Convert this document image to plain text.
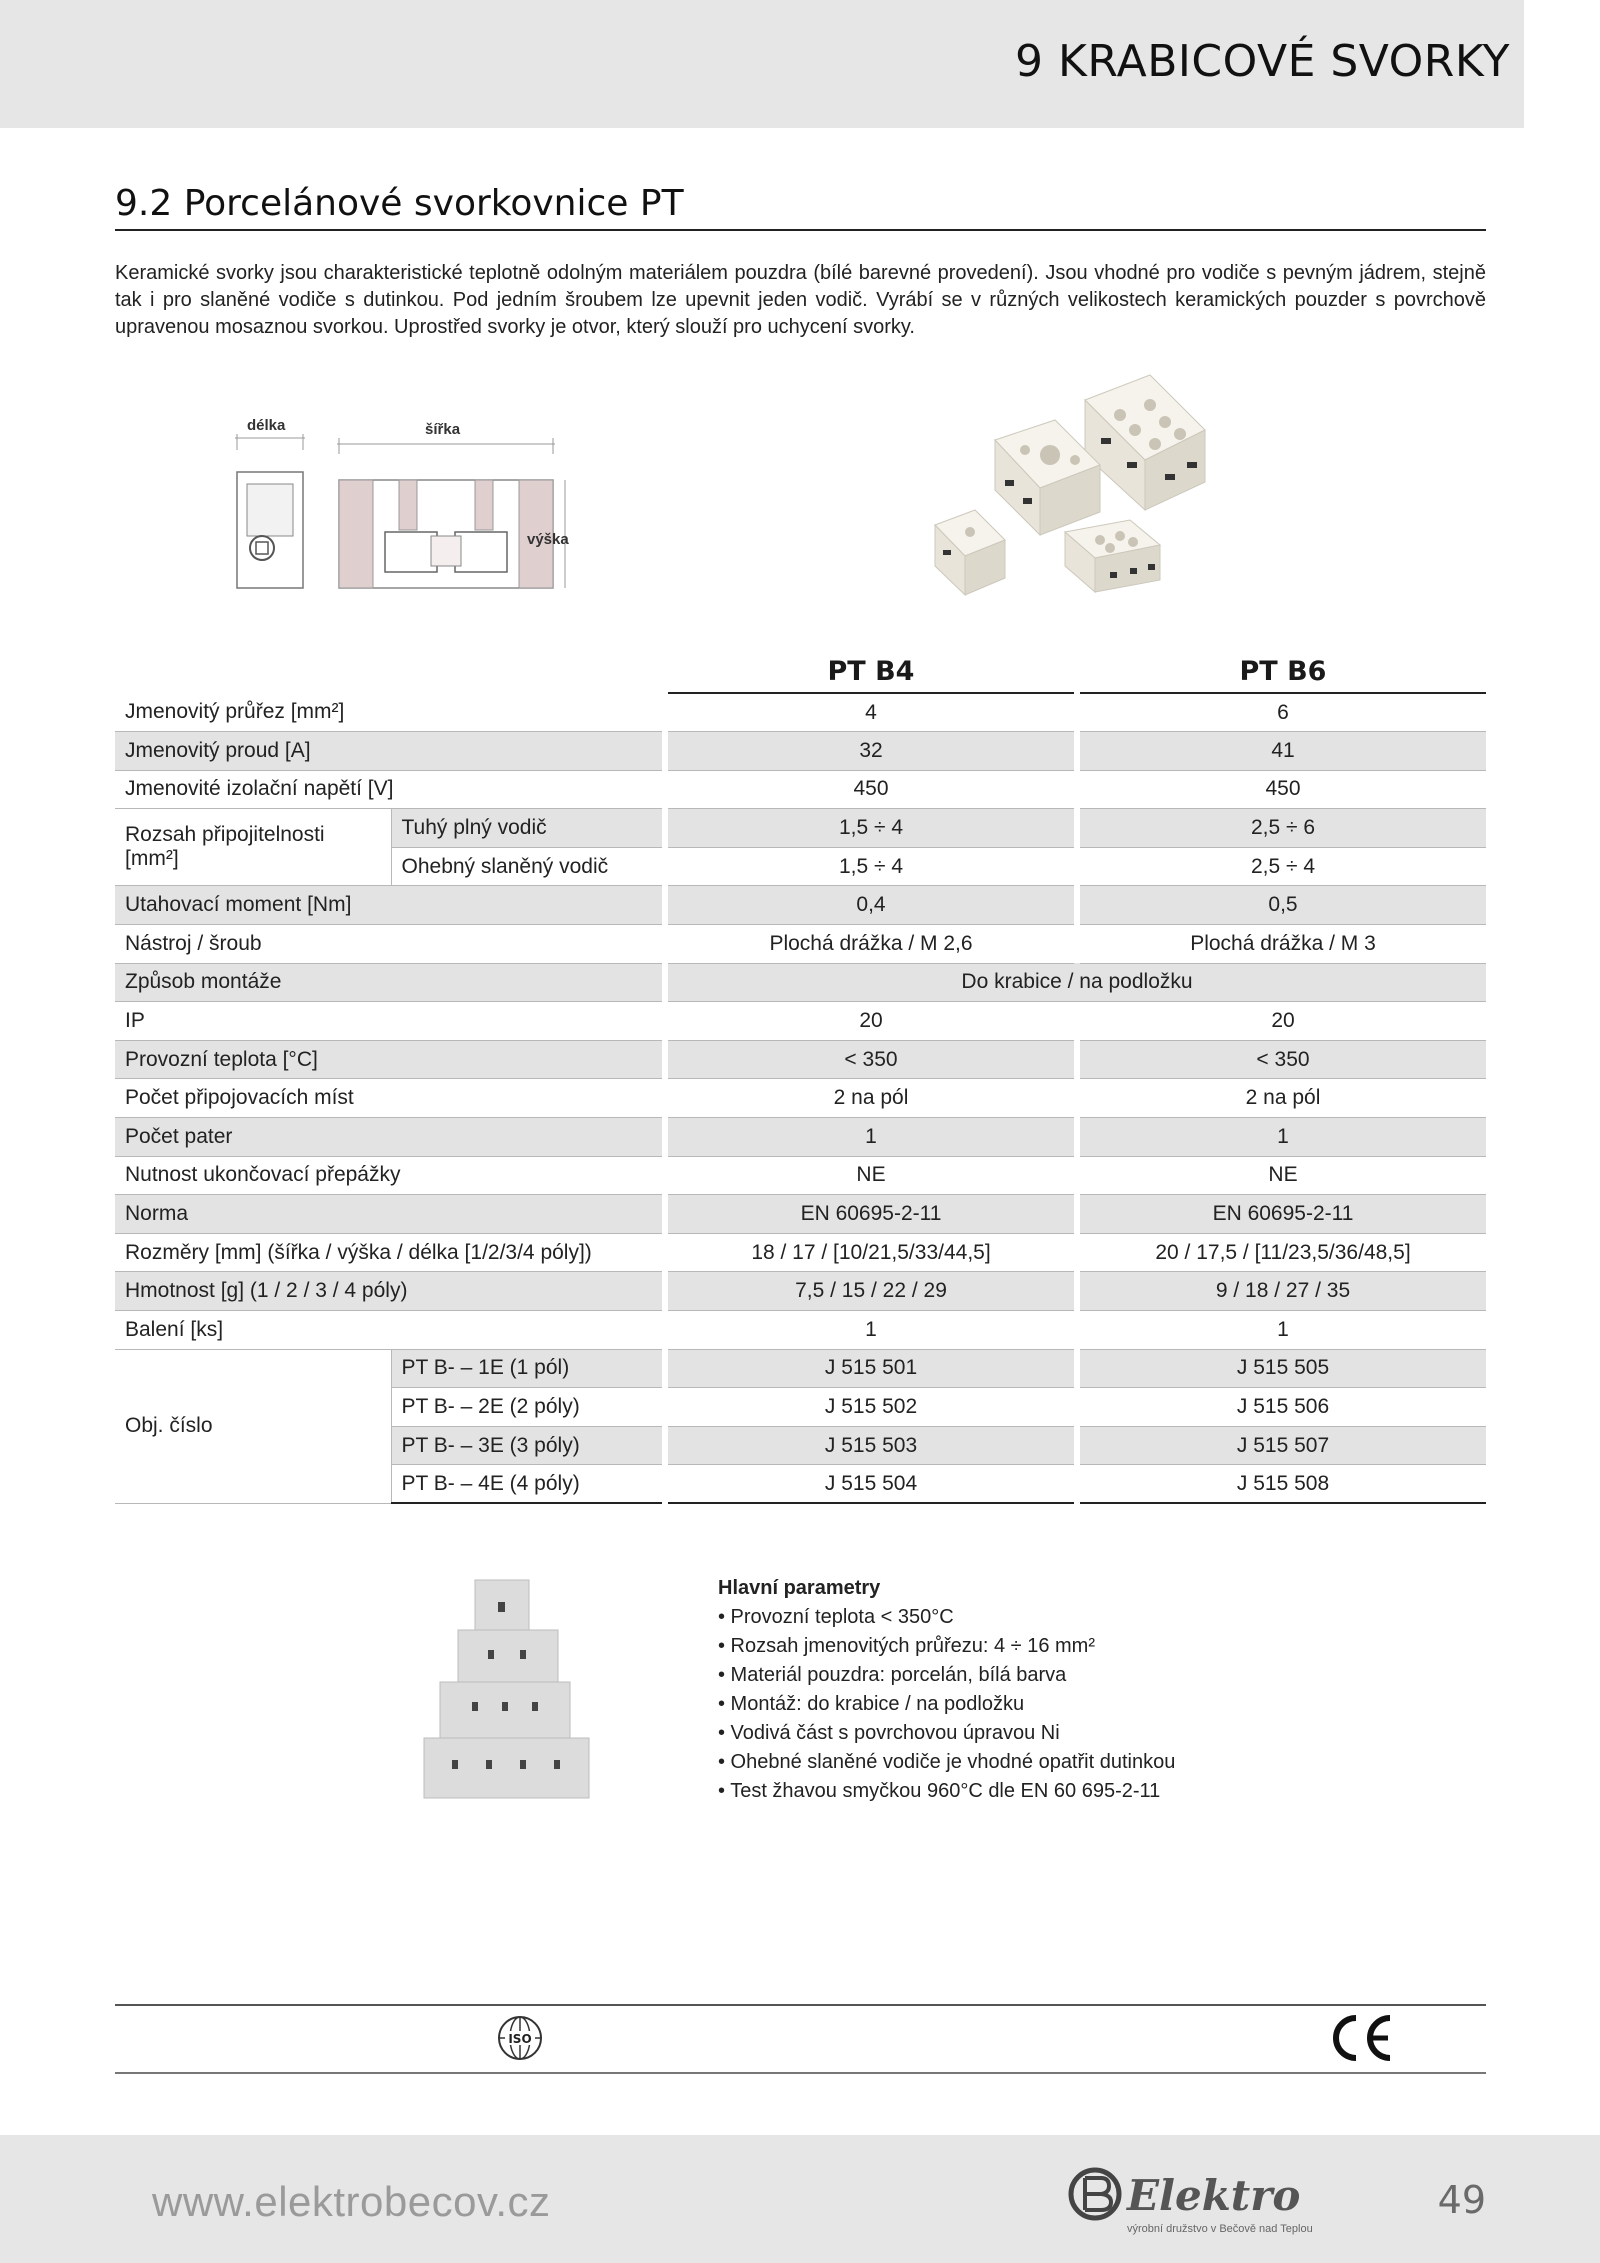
9 KRABICOVÉ SVORKY
9.2 Porcelánové svorkovnice PT
Keramické svorky jsou charakteristické teplotně odolným materiálem pouzdra (bílé barevné provedení). Jsou vhodné pro vodiče s pevným jádrem, stejně tak i pro slaněné vodiče s dutinkou. Pod jedním šroubem lze upevnit jeden vodič. Vyrábí se v různých velikostech keramických pouzder s povrchově upravenou mosaznou svorkou. Uprostřed svorky je otvor, který slouží pro uchycení svorky.
délka	šířka
výška
			PT B4		PT B6
Jmenovitý průřez [mm²]			4		6
Jmenovitý proud [A]			32		41
Jmenovité izolační napětí [V]			450		450
Rozsah připojitelnosti [mm²]	Tuhý plný vodič		1,5 ÷ 4		2,5 ÷ 6
	Ohebný slaněný vodič		1,5 ÷ 4		2,5 ÷ 4
Utahovací moment [Nm]			0,4		0,5
Nástroj / šroub			Plochá drážka / M 2,6		Plochá drážka / M 3
Způsob montáže			Do krabice / na podložku		
IP			20		20
Provozní teplota [°C]			< 350		< 350
Počet připojovacích míst			2 na pól		2 na pól
Počet pater			1		1
Nutnost ukončovací přepážky			NE		NE
Norma			EN 60695-2-11		EN 60695-2-11
Rozměry [mm] (šířka / výška / délka [1/2/3/4 póly])			18 / 17 / [10/21,5/33/44,5]		20 / 17,5 / [11/23,5/36/48,5]
Hmotnost [g] (1 / 2 / 3 / 4 póly)			7,5 / 15 / 22 / 29		9 / 18 / 27 / 35
Balení [ks]			1		1
Obj. číslo	PT B- – 1E (1 pól)		J 515 501		J 515 505
	PT B- – 2E (2 póly)		J 515 502		J 515 506
	PT B- – 3E (3 póly)		J 515 503		J 515 507
	PT B- – 4E (4 póly)		J 515 504		J 515 508
Hlavní parametry
• Provozní teplota < 350°C
• Rozsah jmenovitých průřezu: 4 ÷ 16 mm²
• Materiál pouzdra: porcelán, bílá barva
• Montáž: do krabice / na podložku
• Vodivá část s povrchovou úpravou Ni
• Ohebné slaněné vodiče je vhodné opatřit dutinkou
• Test žhavou smyčkou 960°C dle EN 60 695-2-11
ISO
www.elektrobecov.cz	Elektro
výrobní družstvo v Bečově nad Teplou
49
